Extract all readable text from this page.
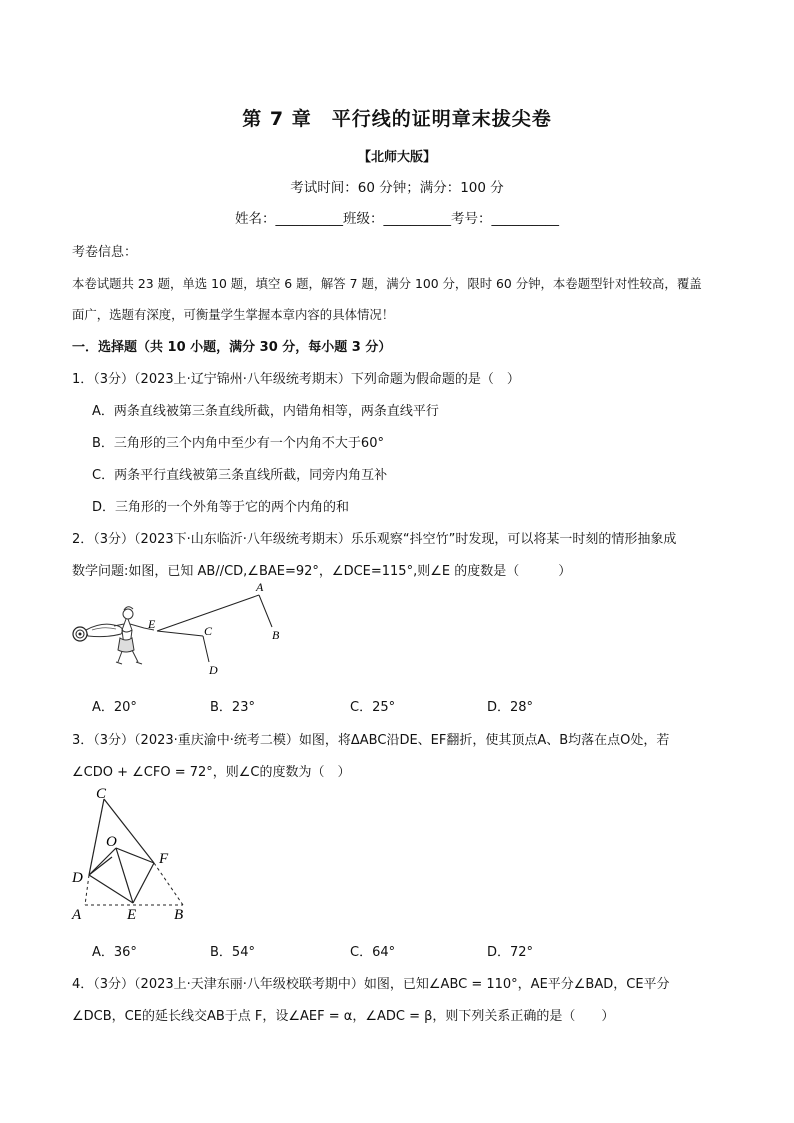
第 7 章　平行线的证明章末拔尖卷
【北师大版】
考试时间：60 分钟；满分：100 分
姓名：__________班级：__________考号：__________
考卷信息：
本卷试题共 23 题，单选 10 题，填空 6 题，解答 7 题，满分 100 分，限时 60 分钟，本卷题型针对性较高，覆盖
面广，选题有深度，可衡量学生掌握本章内容的具体情况！
一．选择题（共 10 小题，满分 30 分，每小题 3 分）
1．（3分）（2023上·辽宁锦州·八年级统考期末）下列命题为假命题的是（　）
A．两条直线被第三条直线所截，内错角相等，两条直线平行
B．三角形的三个内角中至少有一个内角不大于60°
C．两条平行直线被第三条直线所截，同旁内角互补
D．三角形的一个外角等于它的两个内角的和
2．（3分）（2023下·山东临沂·八年级统考期末）乐乐观察“抖空竹”时发现，可以将某一时刻的情形抽象成
数学问题:如图，已知 AB//CD,∠BAE=92°，∠DCE=115°,则∠E 的度数是（　　　）
A
B
C
D
E
A．20°	B．23°	C．25°	D．28°
3．（3分）（2023·重庆渝中·统考二模）如图，将ΔABC沿DE、EF翻折，使其顶点A、B均落在点O处，若
∠CDO + ∠CFO = 72°，则∠C的度数为（　）
C
O
F
D
A	E	B
A．36°	B．54°	C．64°	D．72°
4．（3分）（2023上·天津东丽·八年级校联考期中）如图，已知∠ABC = 110°，AE平分∠BAD，CE平分
∠DCB，CE的延长线交AB于点 F，设∠AEF = α，∠ADC = β，则下列关系正确的是（　　）
